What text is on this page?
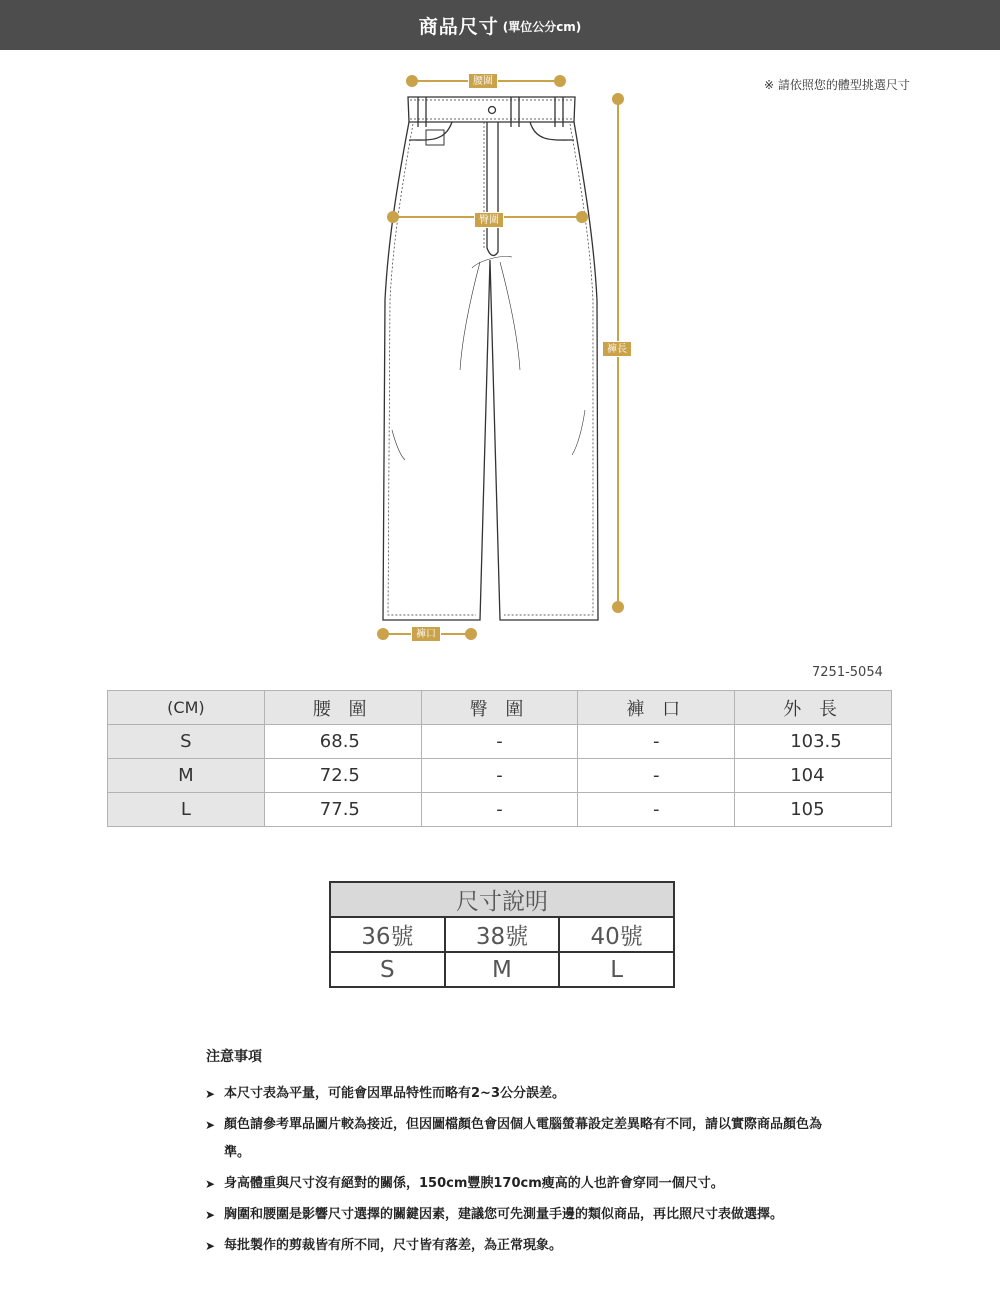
商品尺寸 (單位公分cm)
※ 請依照您的體型挑選尺寸
腰圍
臀圍
褲長
褲口
7251-5054
(CM)	腰 圍	臀 圍	褲 口	外 長
S	68.5	-	-	103.5
M	72.5	-	-	104
L	77.5	-	-	105
尺寸說明		
36號	38號	40號
S	M	L
注意事項
➤ 本尺寸表為平量，可能會因單品特性而略有2~3公分誤差。
➤ 顏色請參考單品圖片較為接近，但因圖檔顏色會因個人電腦螢幕設定差異略有不同，請以實際商品顏色為準。
➤ 身高體重與尺寸沒有絕對的關係，150cm豐腴170cm瘦高的人也許會穿同一個尺寸。
➤ 胸圍和腰圍是影響尺寸選擇的關鍵因素，建議您可先測量手邊的類似商品，再比照尺寸表做選擇。
➤ 每批製作的剪裁皆有所不同，尺寸皆有落差，為正常現象。
